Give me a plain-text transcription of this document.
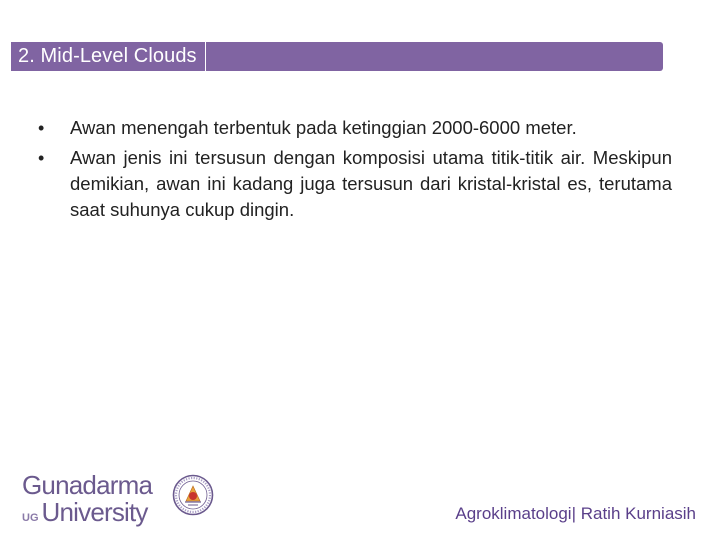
2. Mid-Level Clouds
• Awan menengah terbentuk pada ketinggian 2000-6000 meter.
• Awan jenis ini tersusun dengan komposisi utama titik-titik air. Meskipun demikian, awan ini kadang juga tersusun dari kristal-kristal es, terutama saat suhunya cukup dingin.
Gunadarma
UG University	Agroklimatologi| Ratih Kurniasih
